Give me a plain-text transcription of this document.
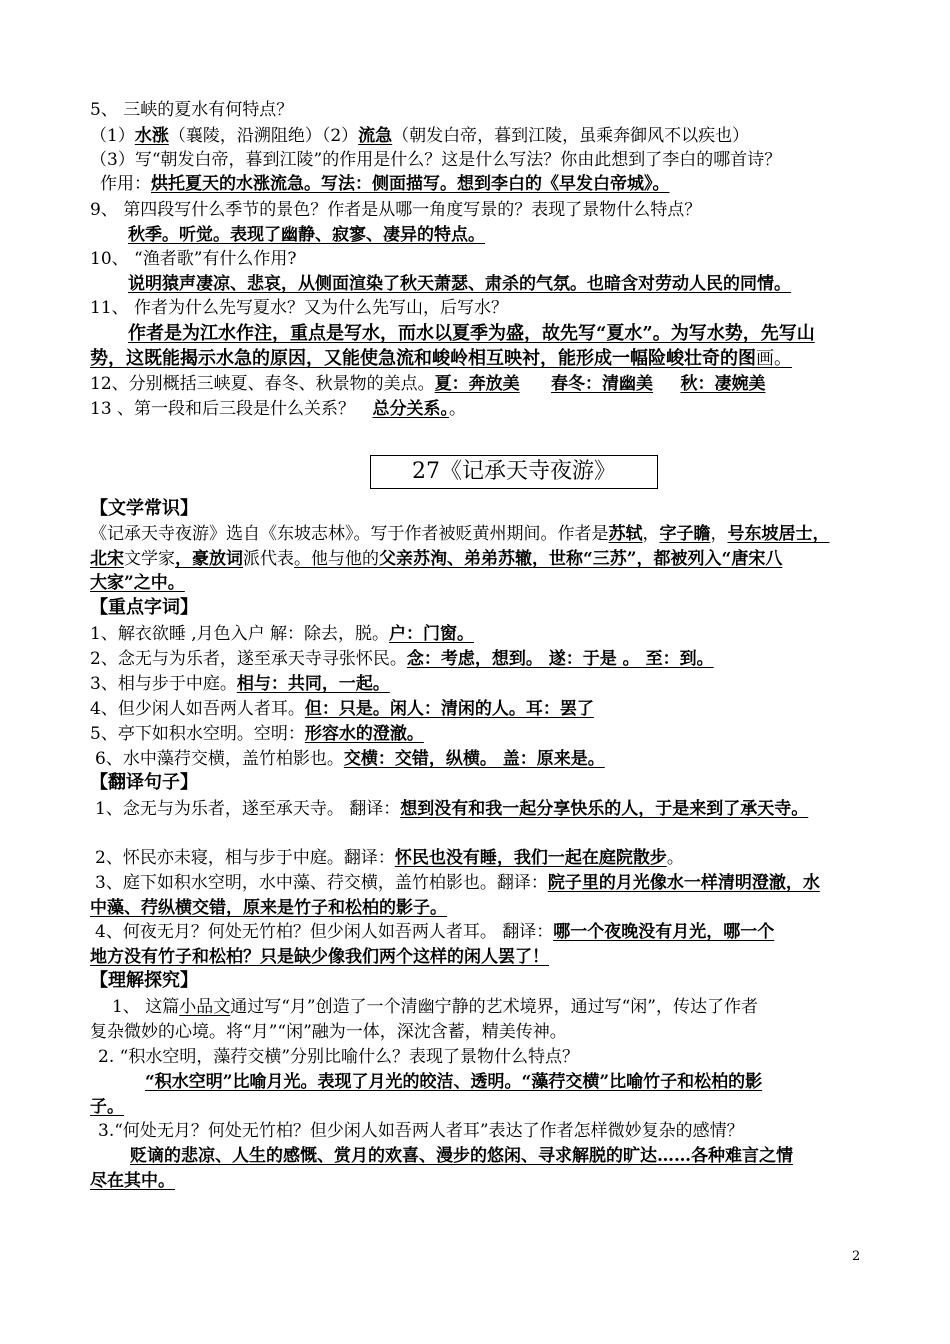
5、 三峡的夏水有何特点？
（1）水涨（襄陵，沿溯阻绝）（2）流急（朝发白帝，暮到江陵，虽乘奔御风不以疾也）
（3）写“朝发白帝，暮到江陵”的作用是什么？这是什么写法？你由此想到了李白的哪首诗？
作用：烘托夏天的水涨流急。写法：侧面描写。想到李白的《早发白帝城》。
9、 第四段写什么季节的景色？作者是从哪一角度写景的？表现了景物什么特点？
秋季。听觉。表现了幽静、寂寥、凄异的特点。
10、 “渔者歌”有什么作用?
说明猿声凄凉、悲哀，从侧面渲染了秋天萧瑟、肃杀的气氛。也暗含对劳动人民的同情。
11、 作者为什么先写夏水？又为什么先写山，后写水？
作者是为江水作注，重点是写水，而水以夏季为盛，故先写“夏水”。为写水势，先写山
势，这既能揭示水急的原因，又能使急流和峻岭相互映衬，能形成一幅险峻壮奇的图画。
12、分别概括三峡夏、春冬、秋景物的美点。夏：奔放美 春冬：清幽美 秋：凄婉美
13 、第一段和后三段是什么关系？ 总分关系。。
27《记承天寺夜游》
【文学常识】
《记承天寺夜游》选自《东坡志林》。写于作者被贬黄州期间。作者是苏轼，字子瞻，号东坡居士，
北宋文学家，豪放词派代表。他与他的父亲苏洵、弟弟苏辙，世称“三苏”，都被列入“唐宋八
大家”之中。
【重点字词】
1、解衣欲睡 ,月色入户 解：除去，脱。户：门窗。
2、念无与为乐者，遂至承天寺寻张怀民。念：考虑，想到。 遂：于是 。 至：到。
3、相与步于中庭。相与：共同，一起。
4、但少闲人如吾两人者耳。但：只是。闲人：清闲的人。耳：罢了
5、亭下如积水空明。空明：形容水的澄澈。
6、水中藻荇交横，盖竹柏影也。交横：交错，纵横。 盖：原来是。
【翻译句子】
1、念无与为乐者，遂至承天寺。 翻译：想到没有和我一起分享快乐的人，于是来到了承天寺。
2、怀民亦未寝，相与步于中庭。翻译：怀民也没有睡，我们一起在庭院散步。
3、庭下如积水空明，水中藻、荇交横，盖竹柏影也。翻译：院子里的月光像水一样清明澄澈，水
中藻、荇纵横交错，原来是竹子和松柏的影子。
4、何夜无月？何处无竹柏？但少闲人如吾两人者耳。 翻译：哪一个夜晚没有月光，哪一个
地方没有竹子和松柏？只是缺少像我们两个这样的闲人罢了！
【理解探究】
1、 这篇小品文通过写“月”创造了一个清幽宁静的艺术境界，通过写“闲”，传达了作者
复杂微妙的心境。将“月”“闲”融为一体，深沈含蓄，精美传神。
2. “积水空明，藻荇交横”分别比喻什么？表现了景物什么特点？
“积水空明”比喻月光。表现了月光的皎洁、透明。“藻荇交横”比喻竹子和松柏的影
子。
3.“何处无月？何处无竹柏？但少闲人如吾两人者耳”表达了作者怎样微妙复杂的感情？
贬谪的悲凉、人生的感慨、赏月的欢喜、漫步的悠闲、寻求解脱的旷达……各种难言之情
尽在其中。
2
